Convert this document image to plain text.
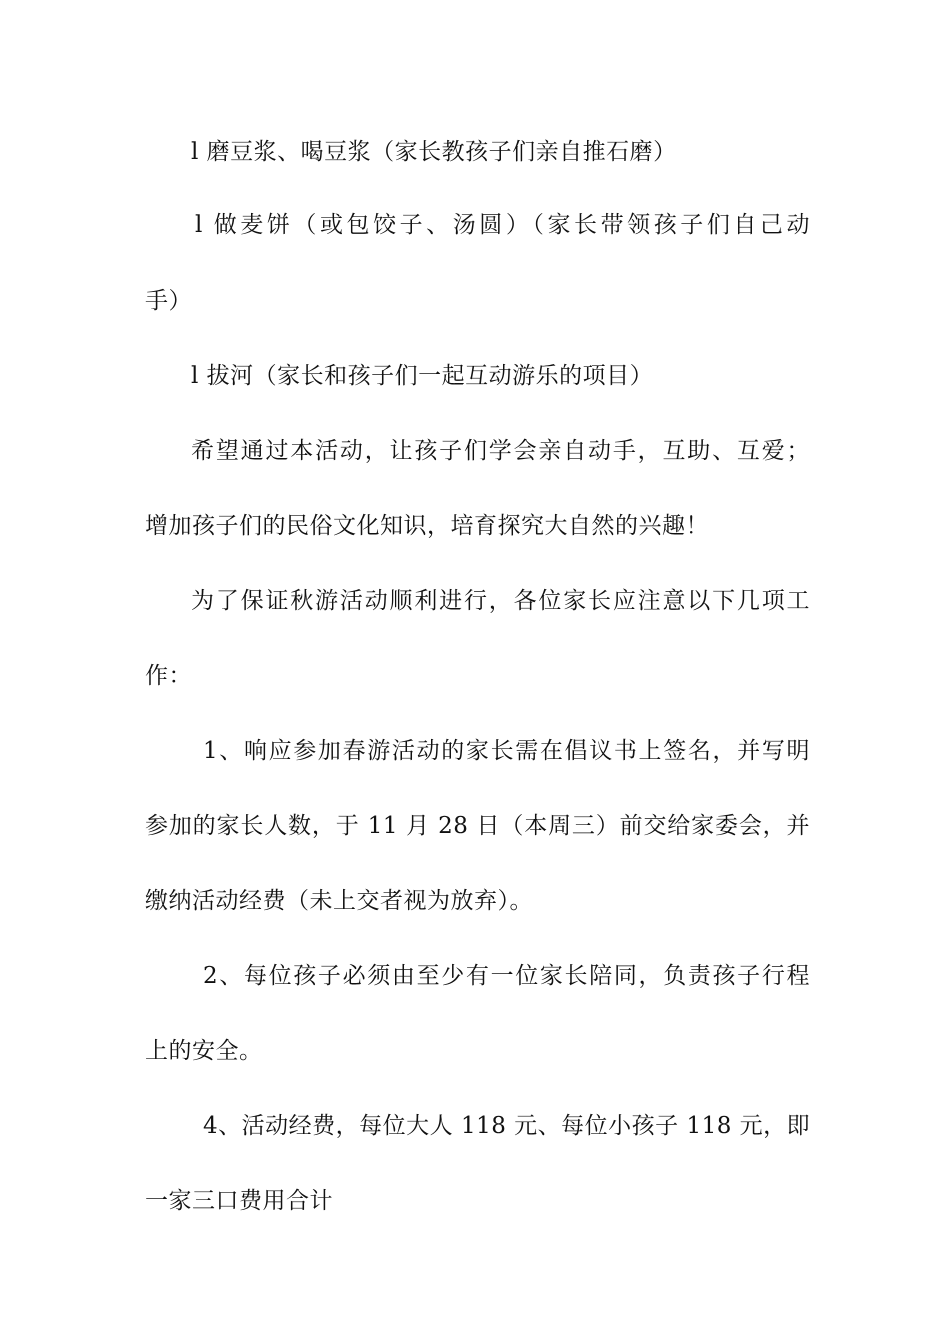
l 磨豆浆、喝豆浆（家长教孩子们亲自推石磨）
l 做麦饼（或包饺子、汤圆）（家长带领孩子们自己动
手）
l 拔河（家长和孩子们一起互动游乐的项目）
希望通过本活动，让孩子们学会亲自动手，互助、互爱；
增加孩子们的民俗文化知识，培育探究大自然的兴趣！
为了保证秋游活动顺利进行，各位家长应注意以下几项工
作：
1、响应参加春游活动的家长需在倡议书上签名，并写明
参加的家长人数，于 11 月 28 日（本周三）前交给家委会，并
缴纳活动经费（未上交者视为放弃）。
2、每位孩子必须由至少有一位家长陪同，负责孩子行程
上的安全。
4、活动经费，每位大人 118 元、每位小孩子 118 元，即
一家三口费用合计
